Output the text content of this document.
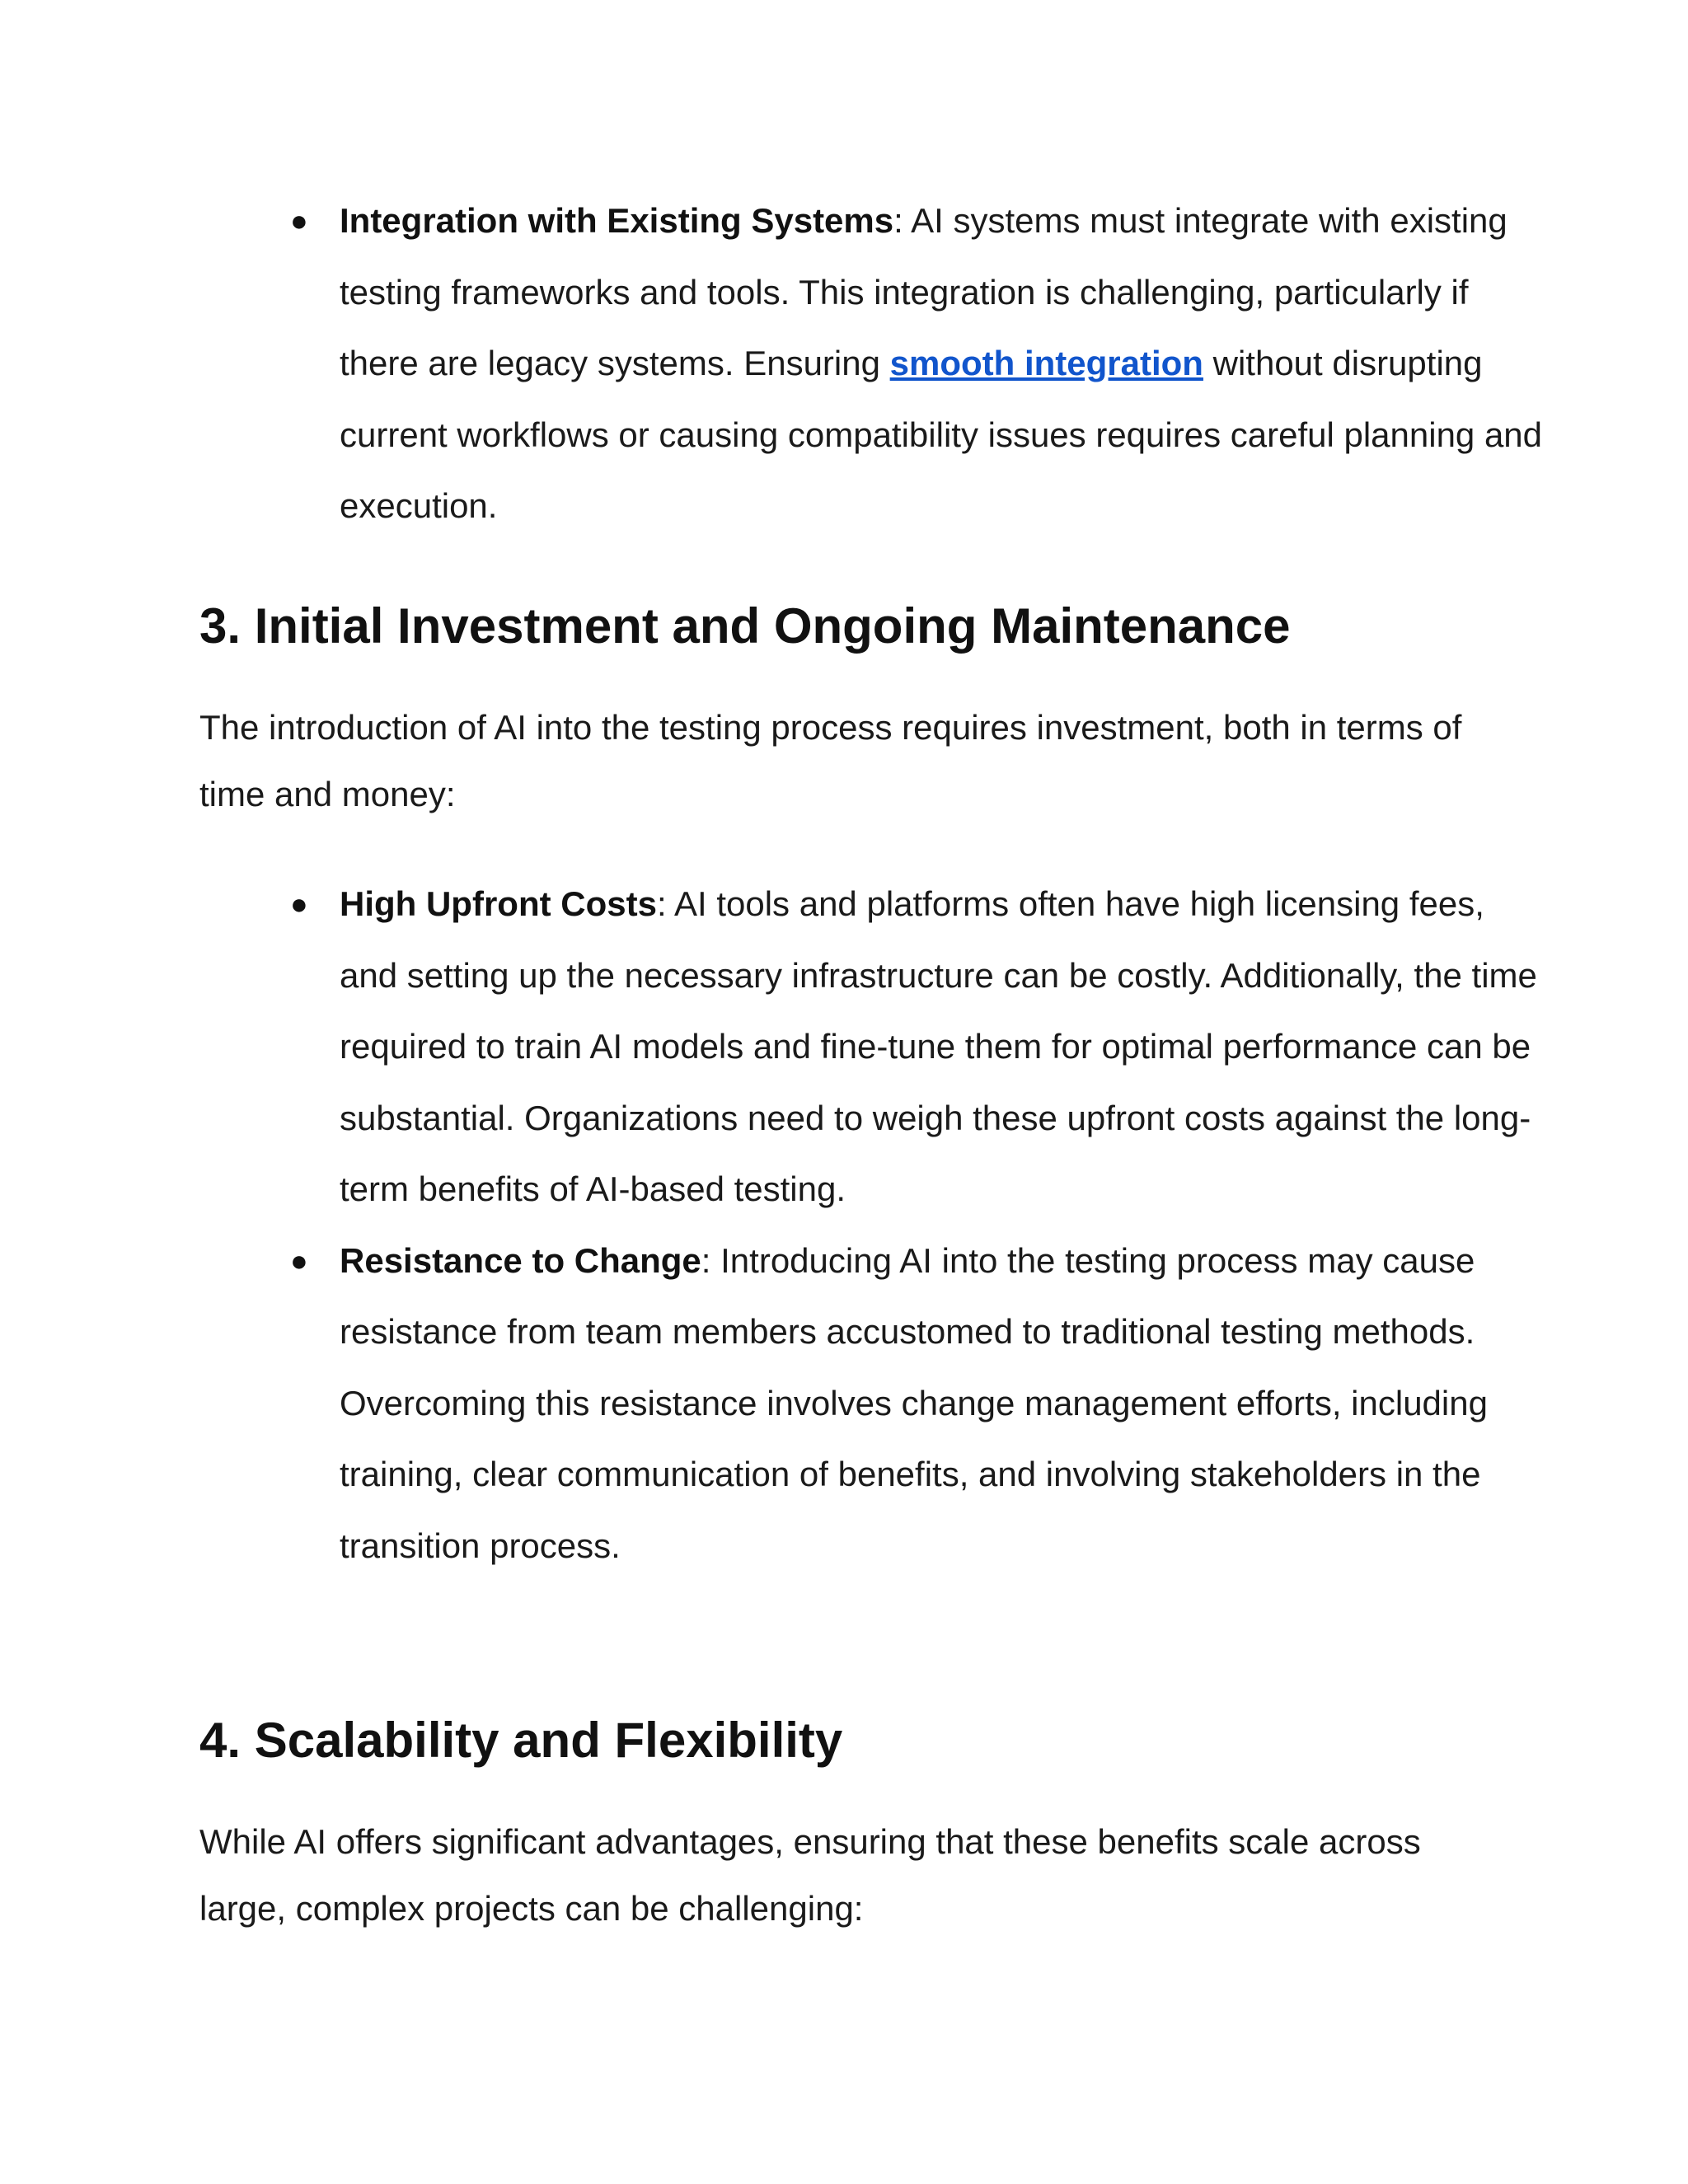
● Integration with Existing Systems: AI systems must integrate with existing testing frameworks and tools. This integration is challenging, particularly if there are legacy systems. Ensuring smooth integration without disrupting current workflows or causing compatibility issues requires careful planning and execution.
3. Initial Investment and Ongoing Maintenance

The introduction of AI into the testing process requires investment, both in terms of time and money:

● High Upfront Costs: AI tools and platforms often have high licensing fees, and setting up the necessary infrastructure can be costly. Additionally, the time required to train AI models and fine-tune them for optimal performance can be substantial. Organizations need to weigh these upfront costs against the long-term benefits of AI-based testing.
● Resistance to Change: Introducing AI into the testing process may cause resistance from team members accustomed to traditional testing methods. Overcoming this resistance involves change management efforts, including training, clear communication of benefits, and involving stakeholders in the transition process.
4. Scalability and Flexibility

While AI offers significant advantages, ensuring that these benefits scale across large, complex projects can be challenging:
